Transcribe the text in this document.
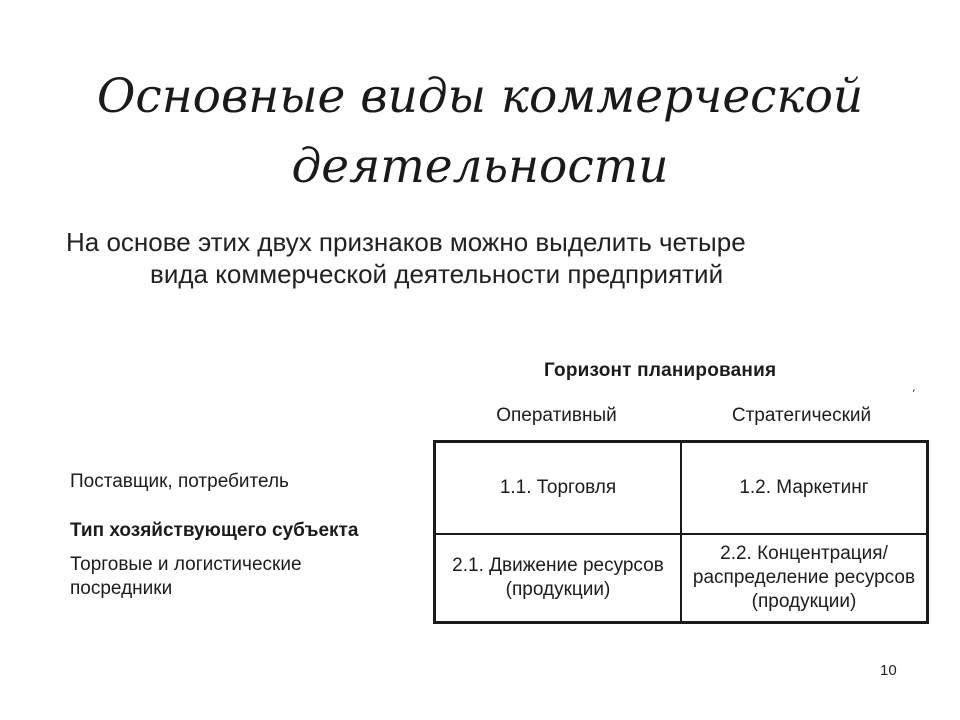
Основные виды коммерческой деятельности
На основе этих двух признаков можно выделить четыре
вида коммерческой деятельности предприятий
Горизонт планирования
ˏ
Оперативный	Стратегический
Поставщик, потребитель
Тип хозяйствующего субъекта
Торговые и логистические посредники
1.1. Торговля	1.2. Маркетинг
2.1. Движение ресурсов (продукции)
2.2. Концентрация/ распределение ресурсов (продукции)
10
